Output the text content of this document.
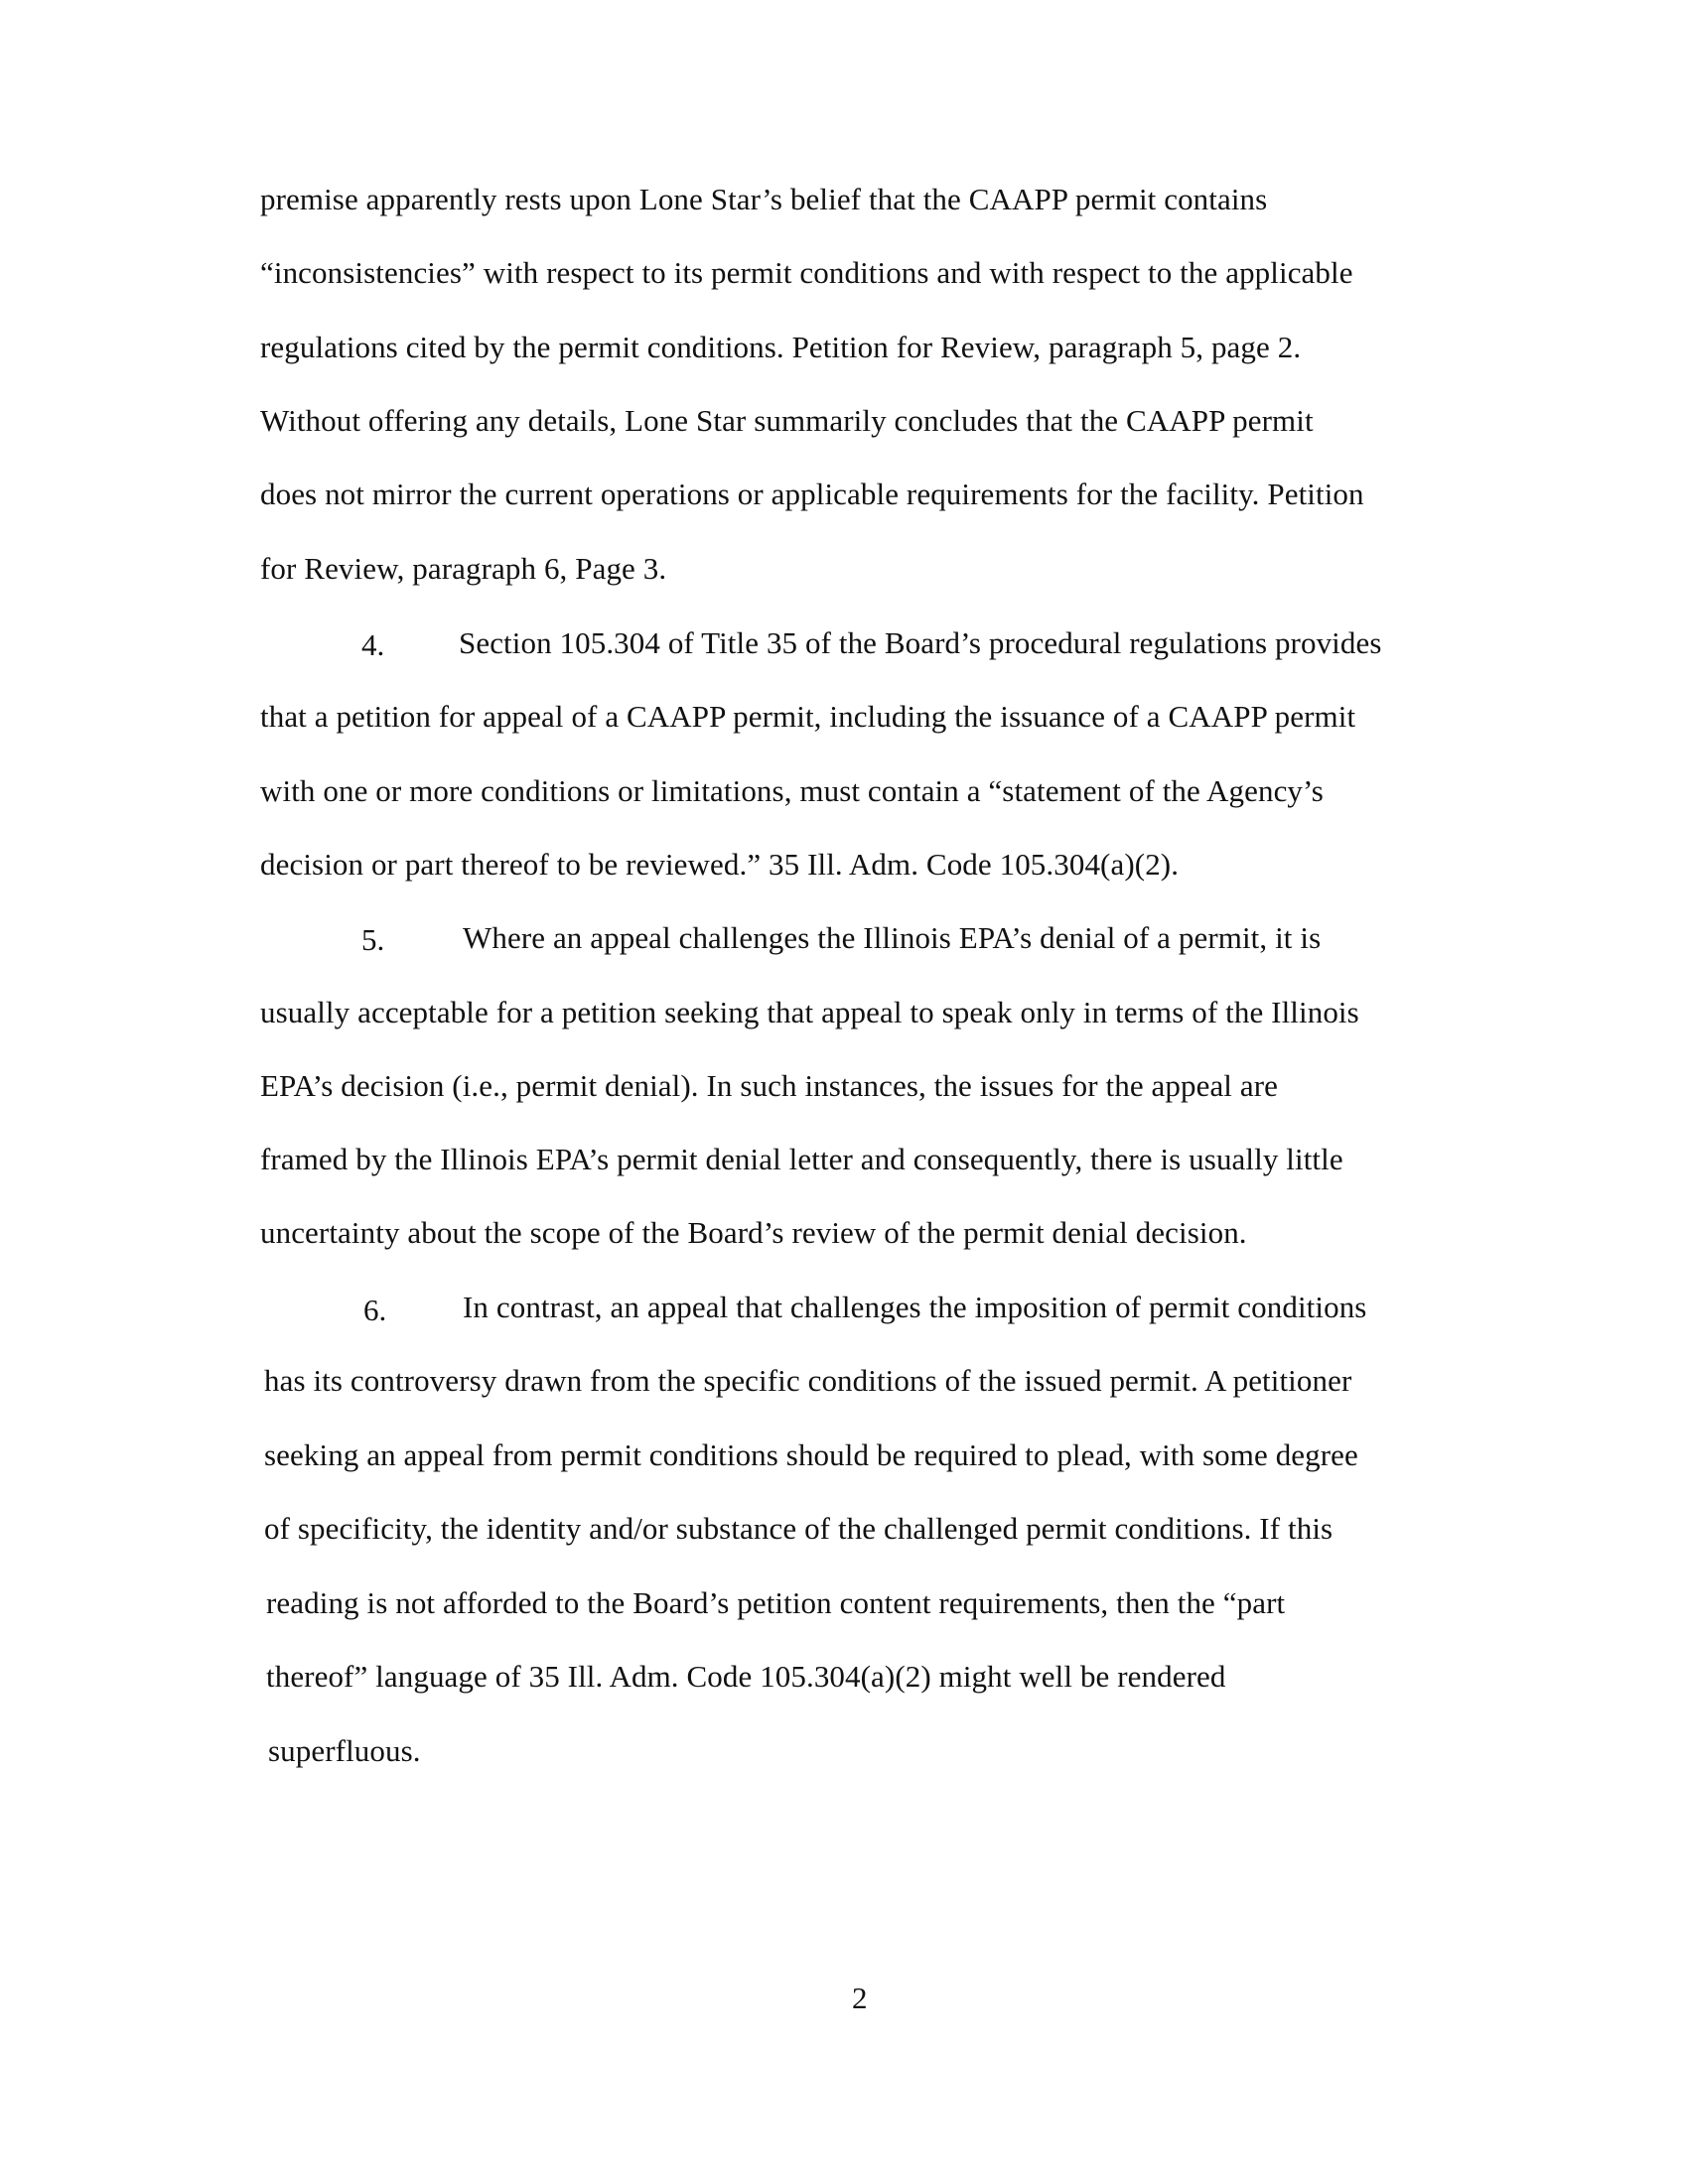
premise apparently rests upon Lone Star’s belief that the CAAPP permit contains
“inconsistencies” with respect to its permit conditions and with respect to the applicable
regulations cited by the permit conditions. Petition for Review, paragraph 5, page 2.
Without offering any details, Lone Star summarily concludes that the CAAPP permit
does not mirror the current operations or applicable requirements for the facility. Petition
for Review, paragraph 6, Page 3.
4. Section 105.304 of Title 35 of the Board’s procedural regulations provides
that a petition for appeal of a CAAPP permit, including the issuance of a CAAPP permit
with one or more conditions or limitations, must contain a “statement of the Agency’s
decision or part thereof to be reviewed.” 35 Ill. Adm. Code 105.304(a)(2).
5.	Where an appeal challenges the Illinois EPA’s denial of a permit, it is
usually acceptable for a petition seeking that appeal to speak only in terms of the Illinois
EPA’s decision (i.e., permit denial). In such instances, the issues for the appeal are
framed by the Illinois EPA’s permit denial letter and consequently, there is usually little
uncertainty about the scope of the Board’s review of the permit denial decision.
6. In contrast, an appeal that challenges the imposition of permit conditions
has its controversy drawn from the specific conditions of the issued permit. A petitioner
seeking an appeal from permit conditions should be required to plead, with some degree
of specificity, the identity and/or substance of the challenged permit conditions. If this
reading is not afforded to the Board’s petition content requirements, then the “part
thereof” language of 35 Ill. Adm. Code 105.304(a)(2) might well be rendered
superfluous.
2
